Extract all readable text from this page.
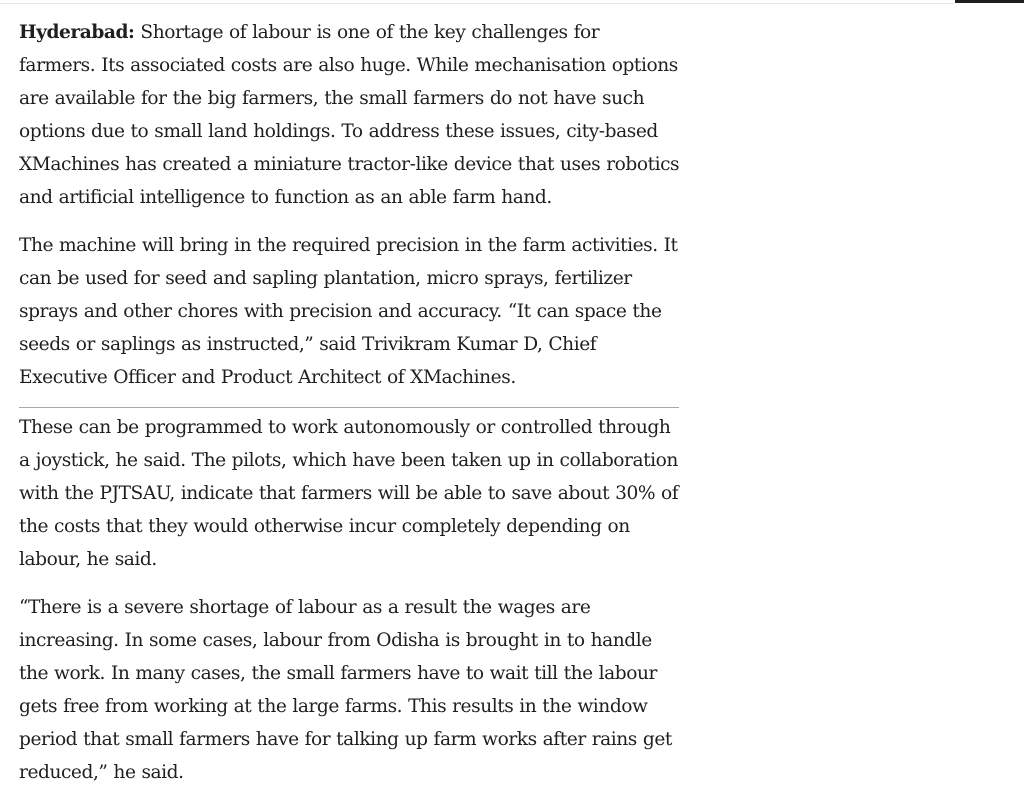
Hyderabad: Shortage of labour is one of the key challenges for farmers. Its associated costs are also huge. While mechanisation options are available for the big farmers, the small farmers do not have such options due to small land holdings. To address these issues, city-based XMachines has created a miniature tractor-like device that uses robotics and artificial intelligence to function as an able farm hand.

The machine will bring in the required precision in the farm activities. It can be used for seed and sapling plantation, micro sprays, fertilizer sprays and other chores with precision and accuracy. “It can space the seeds or saplings as instructed,” said Trivikram Kumar D, Chief Executive Officer and Product Architect of XMachines.

These can be programmed to work autonomously or controlled through a joystick, he said. The pilots, which have been taken up in collaboration with the PJTSAU, indicate that farmers will be able to save about 30% of the costs that they would otherwise incur completely depending on labour, he said.

“There is a severe shortage of labour as a result the wages are increasing. In some cases, labour from Odisha is brought in to handle the work. In many cases, the small farmers have to wait till the labour gets free from working at the large farms. This results in the window period that small farmers have for talking up farm works after rains get reduced,” he said.
